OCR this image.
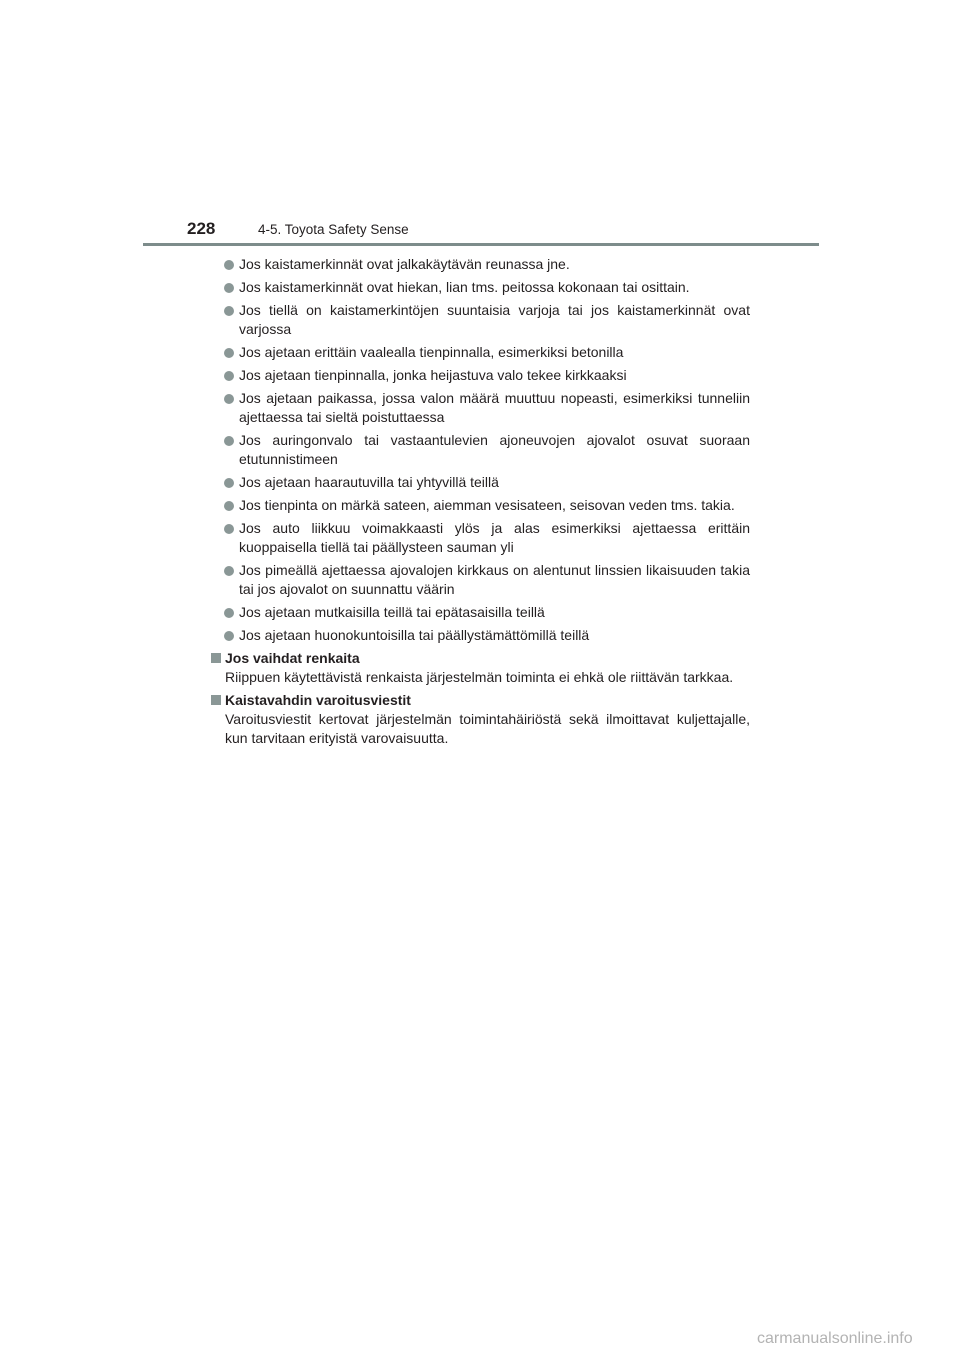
228	4-5. Toyota Safety Sense
Jos kaistamerkinnät ovat jalkakäytävän reunassa jne.
Jos kaistamerkinnät ovat hiekan, lian tms. peitossa kokonaan tai osittain.
Jos tiellä on kaistamerkintöjen suuntaisia varjoja tai jos kaistamerkinnät ovat varjossa
Jos ajetaan erittäin vaalealla tienpinnalla, esimerkiksi betonilla
Jos ajetaan tienpinnalla, jonka heijastuva valo tekee kirkkaaksi
Jos ajetaan paikassa, jossa valon määrä muuttuu nopeasti, esimerkiksi tunneliin ajettaessa tai sieltä poistuttaessa
Jos auringonvalo tai vastaantulevien ajoneuvojen ajovalot osuvat suoraan etutunnistimeen
Jos ajetaan haarautuvilla tai yhtyvillä teillä
Jos tienpinta on märkä sateen, aiemman vesisateen, seisovan veden tms. takia.
Jos auto liikkuu voimakkaasti ylös ja alas esimerkiksi ajettaessa erittäin kuoppaisella tiellä tai päällysteen sauman yli
Jos pimeällä ajettaessa ajovalojen kirkkaus on alentunut linssien likaisuuden takia tai jos ajovalot on suunnattu väärin
Jos ajetaan mutkaisilla teillä tai epätasaisilla teillä
Jos ajetaan huonokuntoisilla tai päällystämättömillä teillä
Jos vaihdat renkaita
Riippuen käytettävistä renkaista järjestelmän toiminta ei ehkä ole riittävän tarkkaa.
Kaistavahdin varoitusviestit
Varoitusviestit kertovat järjestelmän toimintahäiriöstä sekä ilmoittavat kuljettajalle, kun tarvitaan erityistä varovaisuutta.
carmanualsonline.info
